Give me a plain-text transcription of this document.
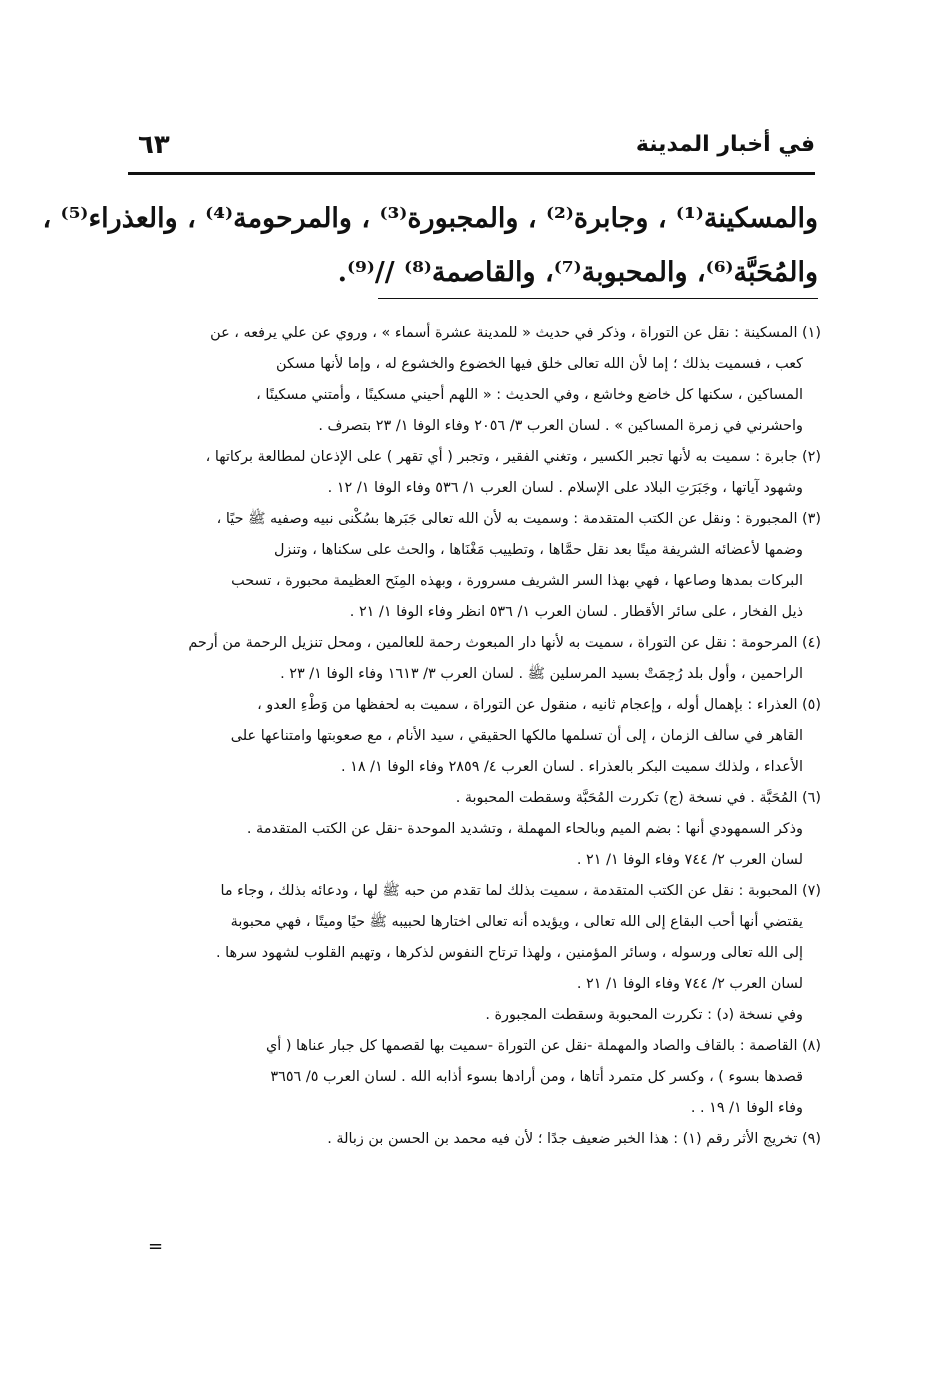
في أخبار المدينة
٦٣
والمسكينة⁽¹⁾ ، وجابرة⁽²⁾ ، والمجبورة⁽³⁾ ، والمرحومة⁽⁴⁾ ، والعذراء⁽⁵⁾ ،
والمُحَبَّة⁽⁶⁾، والمحبوبة⁽⁷⁾، والقاصمة⁽⁸⁾ //⁽⁹⁾.
(١) المسكينة : نقل عن التوراة ، وذكر في حديث « للمدينة عشرة أسماء » ، وروي عن علي يرفعه ، عن
كعب ، فسميت بذلك ؛ إما لأن الله تعالى خلق فيها الخضوع والخشوع له ، وإما لأنها مسكن
المساكين ، سكنها كل خاضع وخاشع ، وفي الحديث : « اللهم أحيني مسكينًا ، وأمتني مسكينًا ،
واحشرني في زمرة المساكين » . لسان العرب ٣/ ٢٠٥٦ وفاء الوفا ١/ ٢٣ بتصرف .
(٢) جابرة : سميت به لأنها تجبر الكسير ، وتغني الفقير ، وتجبر ( أي تقهر ) على الإذعان لمطالعة بركاتها ،
وشهود آياتها ، وجَبَرَتِ البلاد على الإسلام . لسان العرب ١/ ٥٣٦ وفاء الوفا ١/ ١٢ .
(٣) المجبورة : ونقل عن الكتب المتقدمة : وسميت به لأن الله تعالى جَبَرها بسُكْنى نبيه وصفيه ﷺ حيًا ،
وضمها لأعضائه الشريفة ميتًا بعد نقل حمَّاها ، وتطييب مَغْنَاها ، والحث على سكناها ، وتنزل
البركات بمدها وصاعها ، فهي بهذا السر الشريف مسرورة ، وبهذه المِنَح العظيمة محبورة ، تسحب
ذيل الفخار ، على سائر الأقطار . لسان العرب ١/ ٥٣٦ انظر وفاء الوفا ١/ ٢١ .
(٤) المرحومة : نقل عن التوراة ، سميت به لأنها دار المبعوث رحمة للعالمين ، ومحل تنزيل الرحمة من أرحم
الراحمين ، وأول بلد رُحِمَتْ بسيد المرسلين ﷺ . لسان العرب ٣/ ١٦١٣ وفاء الوفا ١/ ٢٣ .
(٥) العذراء : بإهمال أوله ، وإعجام ثانيه ، منقول عن التوراة ، سميت به لحفظها من وَطْءِ العدو ،
القاهر في سالف الزمان ، إلى أن تسلمها مالكها الحقيقي ، سيد الأنام ، مع صعوبتها وامتناعها على
الأعداء ، ولذلك سميت البكر بالعذراء . لسان العرب ٤/ ٢٨٥٩ وفاء الوفا ١/ ١٨ .
(٦) المُحَبَّة . في نسخة (ج) تكررت المُحَبَّة وسقطت المحبوبة .
وذكر السمهودي أنها : بضم الميم وبالحاء المهملة ، وتشديد الموحدة -نقل عن الكتب المتقدمة .
لسان العرب ٢/ ٧٤٤ وفاء الوفا ١/ ٢١ .
(٧) المحبوبة : نقل عن الكتب المتقدمة ، سميت بذلك لما تقدم من حبه ﷺ لها ، ودعائه بذلك ، وجاء ما
يقتضي أنها أحب البقاع إلى الله تعالى ، ويؤيده أنه تعالى اختارها لحبيبه ﷺ حيًا وميتًا ، فهي محبوبة
إلى الله تعالى ورسوله ، وسائر المؤمنين ، ولهذا ترتاح النفوس لذكرها ، وتهيم القلوب لشهود سرها .
لسان العرب ٢/ ٧٤٤ وفاء الوفا ١/ ٢١ .
وفي نسخة (د) : تكررت المحبوبة وسقطت المجبورة .
(٨) القاصمة : بالقاف والصاد والمهملة -نقل عن التوراة -سميت بها لقصمها كل جبار عناها ( أي
قصدها بسوء ) ، وكسر كل متمرد أتاها ، ومن أرادها بسوء أذابه الله . لسان العرب ٥/ ٣٦٥٦
وفاء الوفا ١/ ١٩ . .
(٩) تخريج الأثر رقم (١) : هذا الخبر ضعيف جدًا ؛ لأن فيه محمد بن الحسن بن زبالة .
=
